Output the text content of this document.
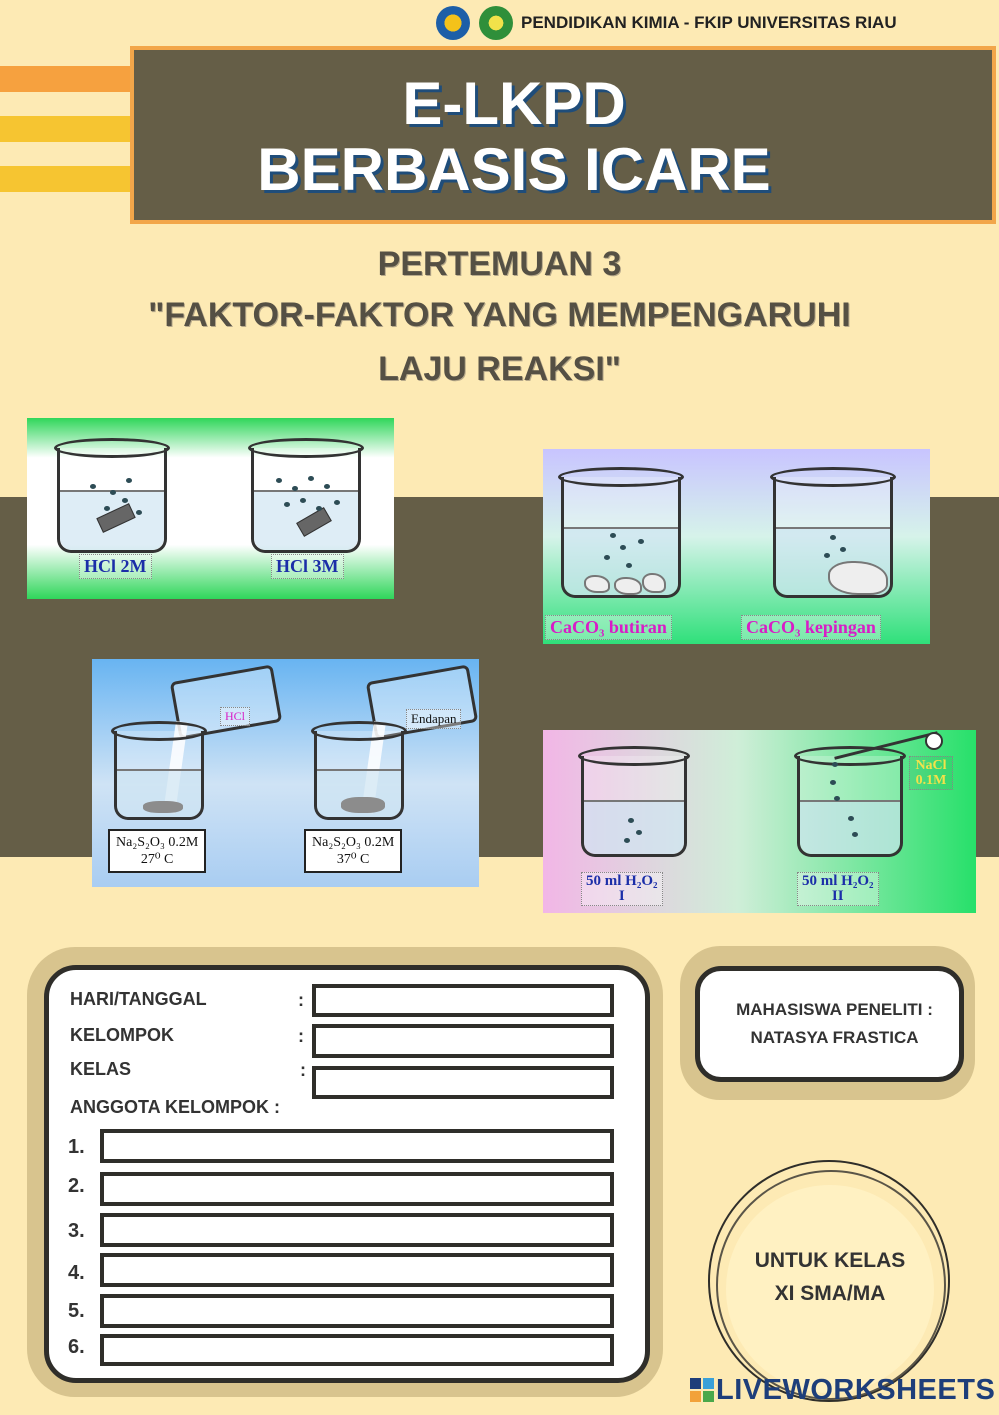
PENDIDIKAN KIMIA - FKIP UNIVERSITAS RIAU
E-LKPD
BERBASIS ICARE
PERTEMUAN 3
"FAKTOR-FAKTOR YANG MEMPENGARUHI
LAJU REAKSI"
HCl 2M	HCl 3M
CaCO₃ butiran	CaCO₃ kepingan
HCl
Na₂S₂O₃ 0.2M
27⁰ C
Endapan
Na₂S₂O₃ 0.2M
37⁰ C
50 ml H₂O₂
I
NaCl 0.1M
50 ml H₂O₂
II
HARI/TANGGAL	:
KELOMPOK	:
KELAS	:
ANGGOTA KELOMPOK :
1.
2.
3.
4.
5.
6.
MAHASISWA PENELITI :
NATASYA FRASTICA
UNTUK KELAS
XI SMA/MA
LIVEWORKSHEETS
